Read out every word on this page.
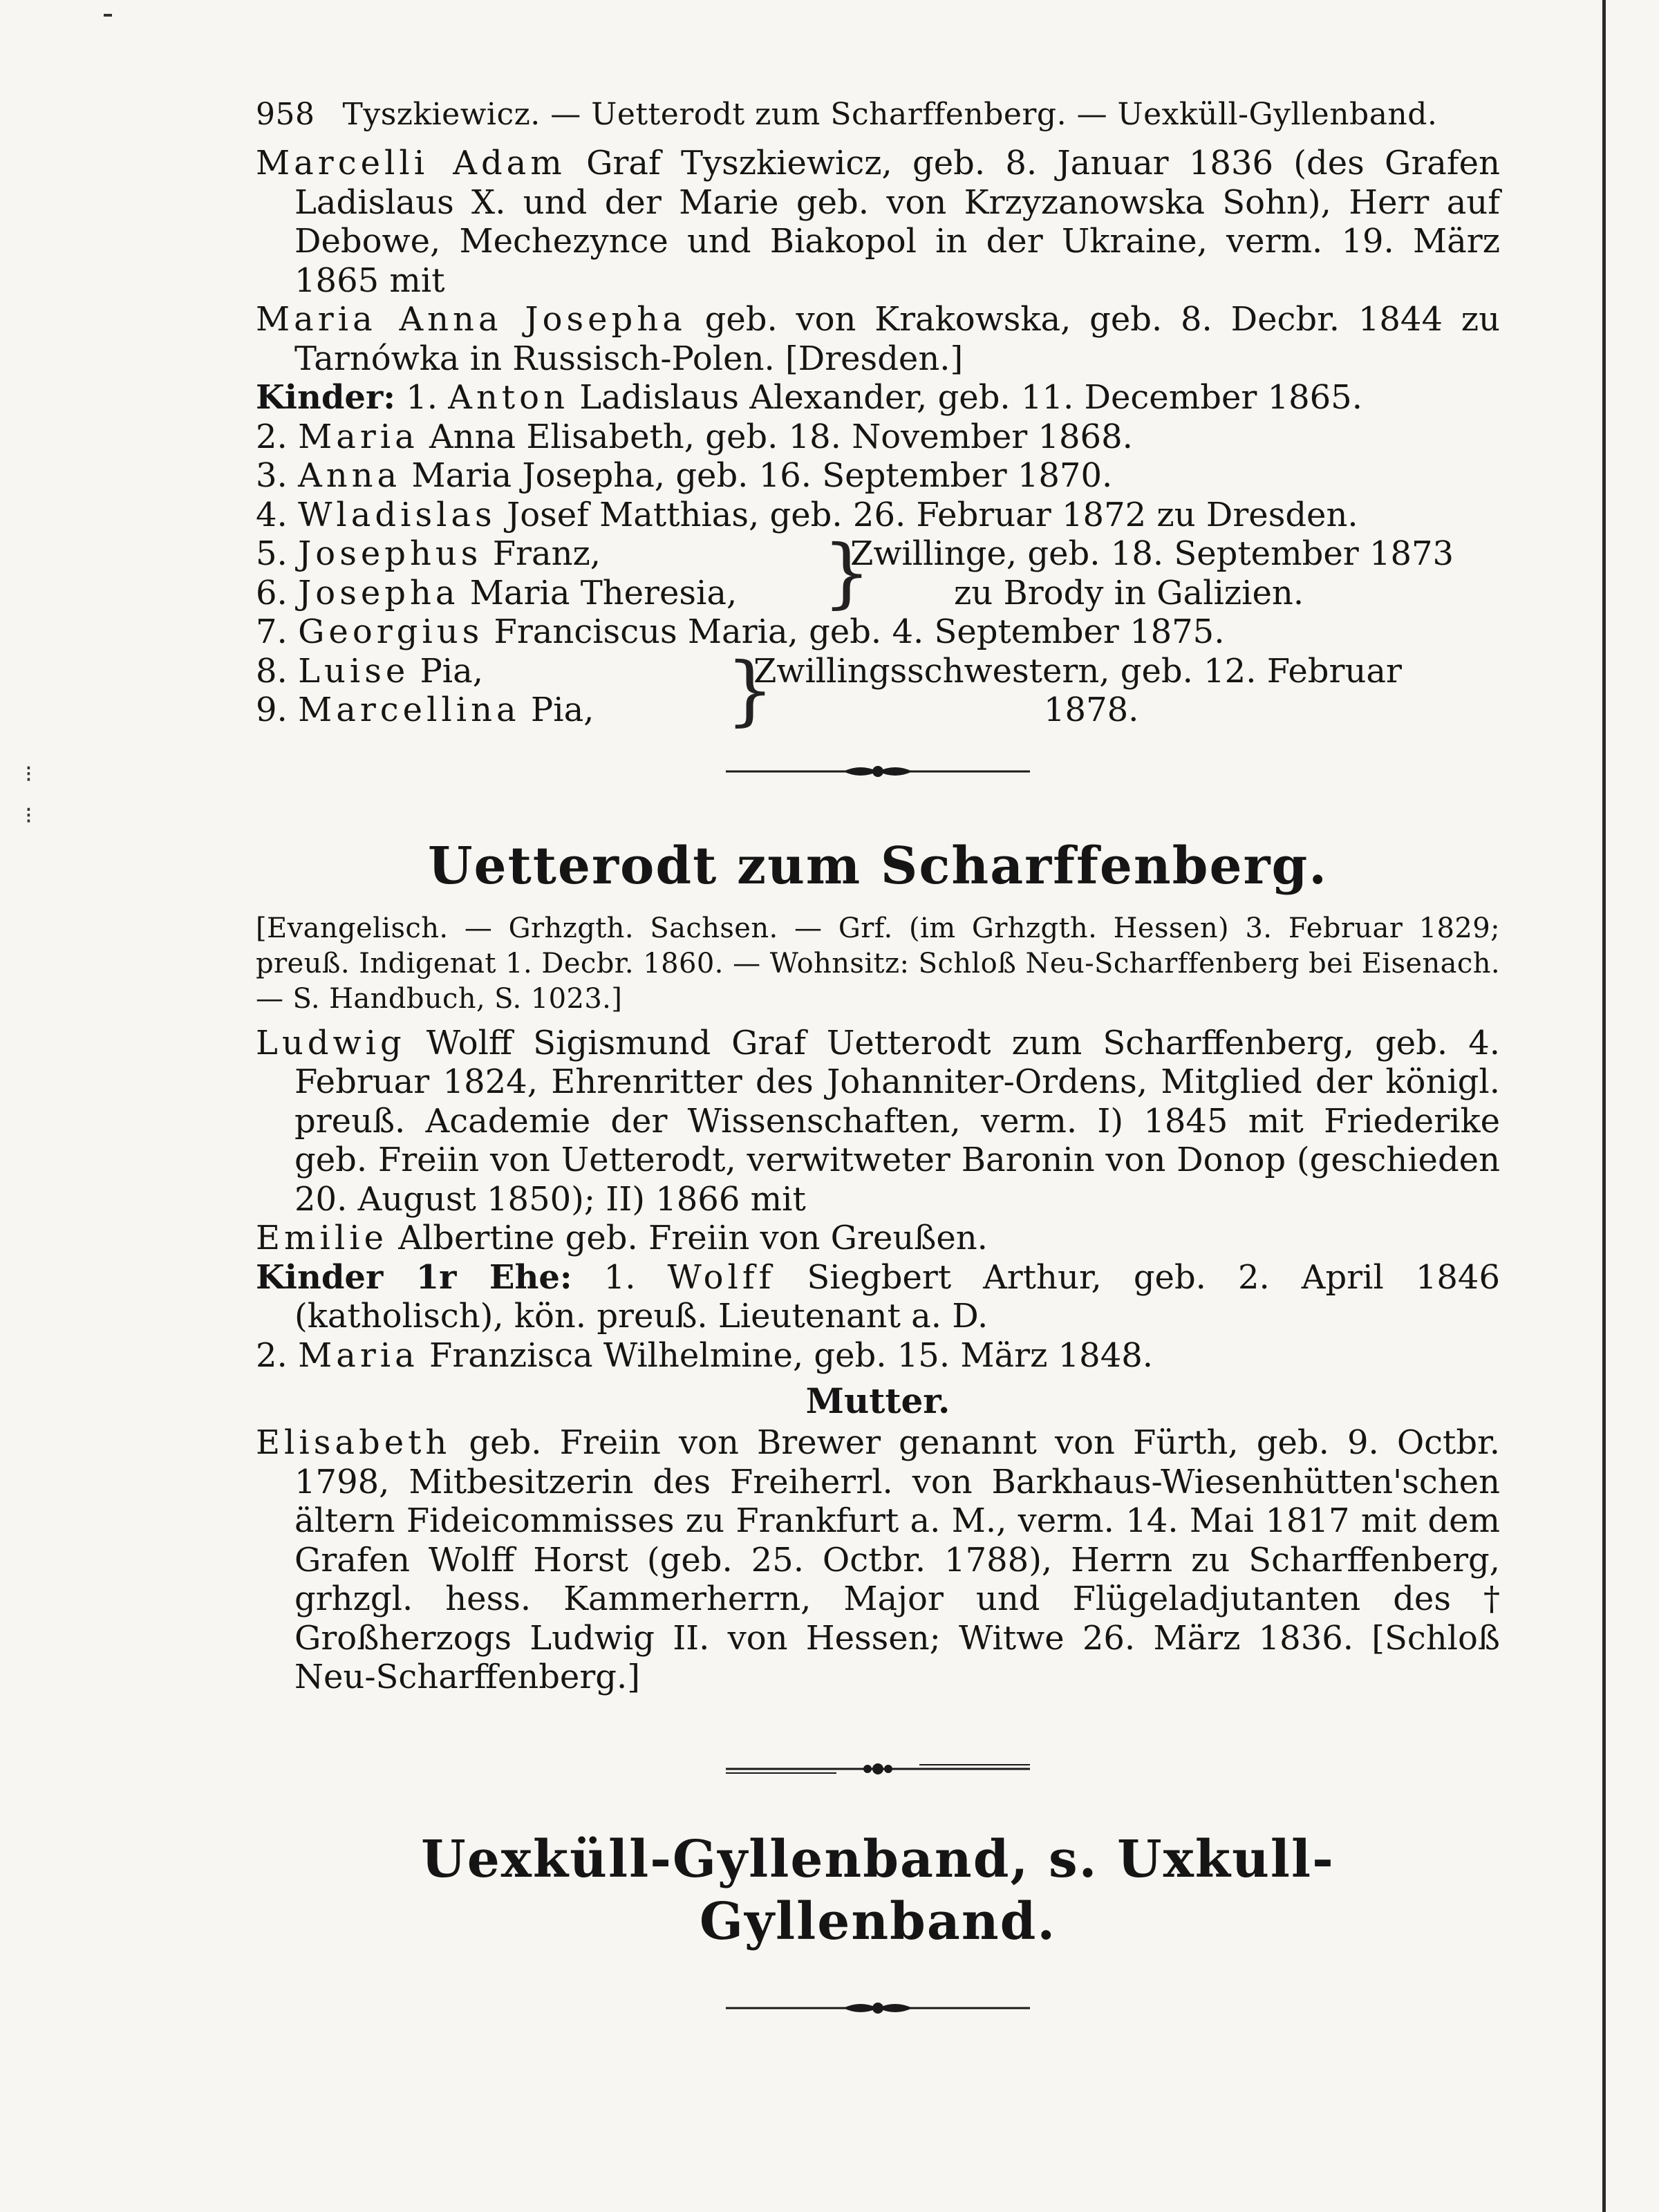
⁝
⁝
958 Tyszkiewicz. — Uetterodt zum Scharffenberg. — Uexküll-Gyllenband.
Marcelli Adam Graf Tyszkiewicz, geb. 8. Januar 1836 (des Grafen Ladislaus X. und der Marie geb. von Krzyzanowska Sohn), Herr auf Debowe, Mechezynce und Biakopol in der Ukraine, verm. 19. März 1865 mit
Maria Anna Josepha geb. von Krakowska, geb. 8. Decbr. 1844 zu Tarnówka in Russisch-Polen. [Dresden.]
Kinder: 1. Anton Ladislaus Alexander, geb. 11. December 1865.
2. Maria Anna Elisabeth, geb. 18. November 1868.
3. Anna Maria Josepha, geb. 16. September 1870.
4. Wladislas Josef Matthias, geb. 26. Februar 1872 zu Dresden.
5. Josephus Franz,
6. Josepha Maria Theresia,	}
Zwillinge, geb. 18. September 1873
zu Brody in Galizien.
7. Georgius Franciscus Maria, geb. 4. September 1875.
8. Luise Pia,
9. Marcellina Pia,	}
Zwillingsschwestern, geb. 12. Februar
1878.
Uetterodt zum Scharffenberg.
[Evangelisch. — Grhzgth. Sachsen. — Grf. (im Grhzgth. Hessen) 3. Februar 1829; preuß. Indigenat 1. Decbr. 1860. — Wohnsitz: Schloß Neu-Scharffenberg bei Eisenach. — S. Handbuch, S. 1023.]
Ludwig Wolff Sigismund Graf Uetterodt zum Scharffenberg, geb. 4. Februar 1824, Ehrenritter des Johanniter-Ordens, Mitglied der königl. preuß. Academie der Wissenschaften, verm. I) 1845 mit Friederike geb. Freiin von Uetterodt, verwitweter Baronin von Donop (geschieden 20. August 1850); II) 1866 mit
Emilie Albertine geb. Freiin von Greußen.
Kinder 1r Ehe: 1. Wolff Siegbert Arthur, geb. 2. April 1846 (katholisch), kön. preuß. Lieutenant a. D.
2. Maria Franzisca Wilhelmine, geb. 15. März 1848.
Mutter.
Elisabeth geb. Freiin von Brewer genannt von Fürth, geb. 9. Octbr. 1798, Mitbesitzerin des Freiherrl. von Barkhaus-Wiesenhütten'schen ältern Fideicommisses zu Frankfurt a. M., verm. 14. Mai 1817 mit dem Grafen Wolff Horst (geb. 25. Octbr. 1788), Herrn zu Scharffenberg, grhzgl. hess. Kammerherrn, Major und Flügeladjutanten des † Großherzogs Ludwig II. von Hessen; Witwe 26. März 1836. [Schloß Neu-Scharffenberg.]
Uexküll-Gyllenband, s. Uxkull-Gyllenband.
